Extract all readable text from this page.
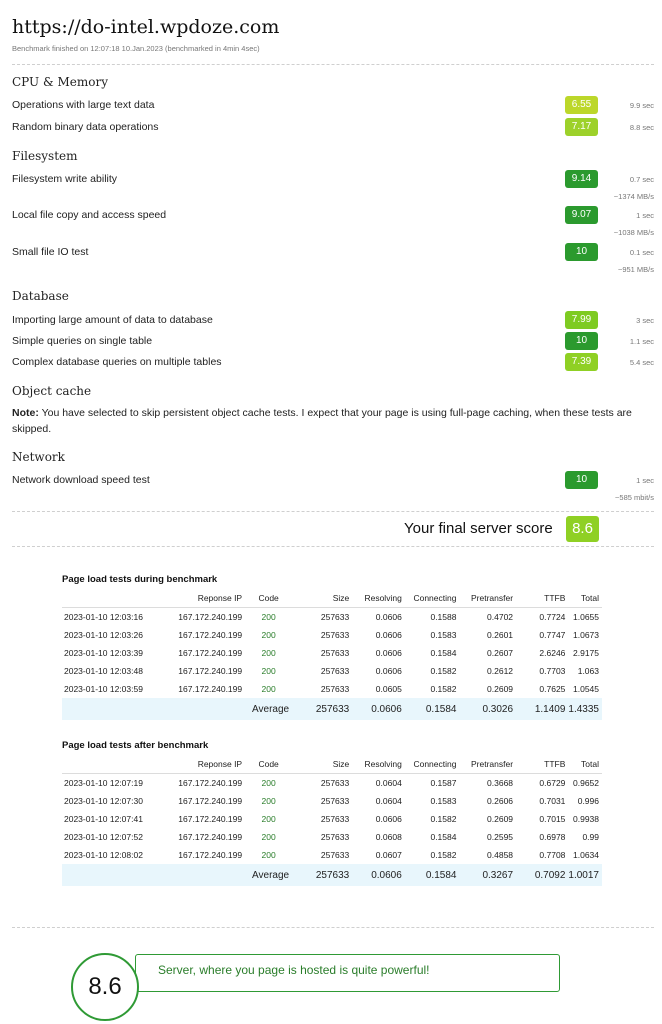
https://do-intel.wpdoze.com
Benchmark finished on 12:07:18 10.Jan.2023 (benchmarked in 4min 4sec)
CPU & Memory
Operations with large text data	6.55	9.9 sec
Random binary data operations	7.17	8.8 sec
Filesystem
Filesystem write ability	9.14	0.7 sec
~1374 MB/s
Local file copy and access speed	9.07	1 sec
~1038 MB/s
Small file IO test	10	0.1 sec
~951 MB/s
Database
Importing large amount of data to database	7.99	3 sec
Simple queries on single table	10	1.1 sec
Complex database queries on multiple tables	7.39	5.4 sec
Object cache
Note: You have selected to skip persistent object cache tests. I expect that your page is using full-page caching, when these tests are skipped.
Network
Network download speed test	10	1 sec
~585 mbit/s
Your final server score	8.6
Page load tests during benchmark
	Reponse IP	Code	Size	Resolving	Connecting	Pretransfer	TTFB	Total
2023-01-10 12:03:16	167.172.240.199	200	257633	0.0606	0.1588	0.4702	0.7724	1.0655
2023-01-10 12:03:26	167.172.240.199	200	257633	0.0606	0.1583	0.2601	0.7747	1.0673
2023-01-10 12:03:39	167.172.240.199	200	257633	0.0606	0.1584	0.2607	2.6246	2.9175
2023-01-10 12:03:48	167.172.240.199	200	257633	0.0606	0.1582	0.2612	0.7703	1.063
2023-01-10 12:03:59	167.172.240.199	200	257633	0.0605	0.1582	0.2609	0.7625	1.0545
Average			257633	0.0606	0.1584	0.3026	1.1409	1.4335
Page load tests after benchmark
	Reponse IP	Code	Size	Resolving	Connecting	Pretransfer	TTFB	Total
2023-01-10 12:07:19	167.172.240.199	200	257633	0.0604	0.1587	0.3668	0.6729	0.9652
2023-01-10 12:07:30	167.172.240.199	200	257633	0.0604	0.1583	0.2606	0.7031	0.996
2023-01-10 12:07:41	167.172.240.199	200	257633	0.0606	0.1582	0.2609	0.7015	0.9938
2023-01-10 12:07:52	167.172.240.199	200	257633	0.0608	0.1584	0.2595	0.6978	0.99
2023-01-10 12:08:02	167.172.240.199	200	257633	0.0607	0.1582	0.4858	0.7708	1.0634
Average			257633	0.0606	0.1584	0.3267	0.7092	1.0017
Server, where you page is hosted is quite powerful!
8.6
